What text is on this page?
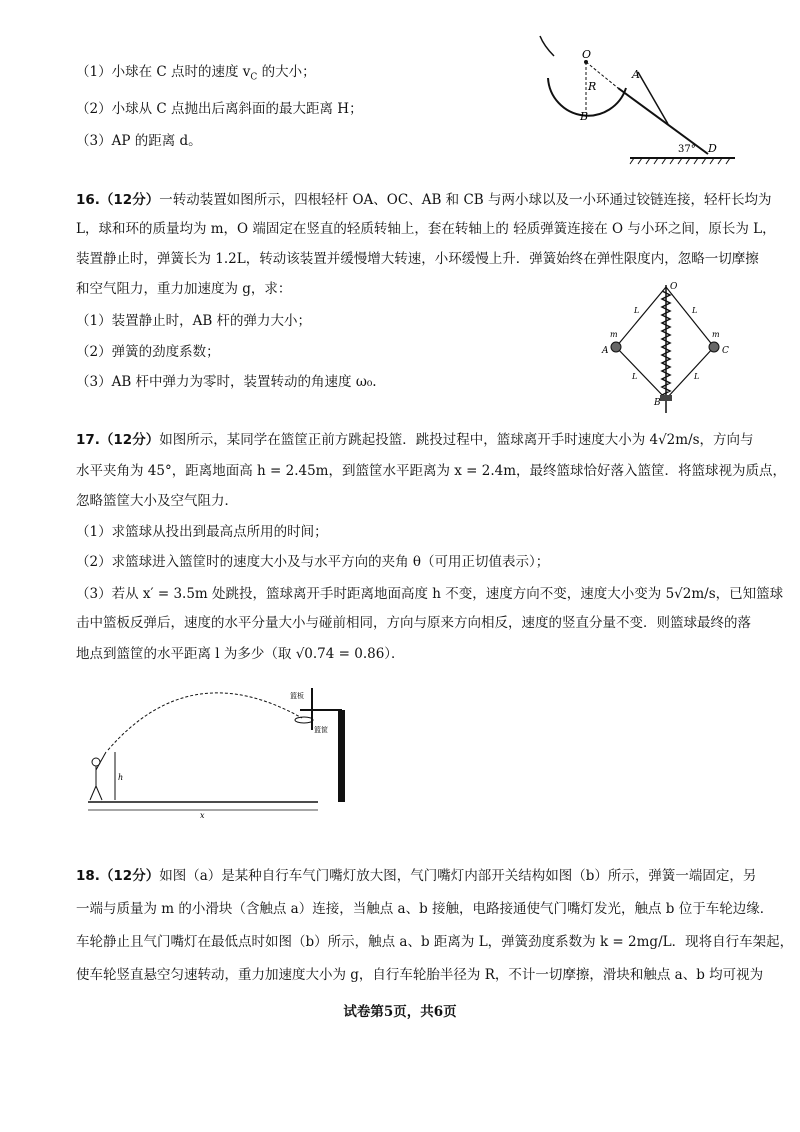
（1）小球在 C 点时的速度 $v_C$ 的大小；
（2）小球从 C 点抛出后离斜面的最大距离 H；
（3）AP 的距离 d。
O
A
B
R
D
37°
16.（12分）一转动装置如图所示，四根轻杆 OA、OC、AB 和 CB 与两小球以及一小环通过铰链连接，轻杆长均为
L，球和环的质量均为 m，O 端固定在竖直的轻质转轴上，套在转轴上的 轻质弹簧连接在 O 与小环之间，原长为 L，
装置静止时，弹簧长为 1.2L，转动该装置并缓慢增大转速，小环缓慢上升．弹簧始终在弹性限度内，忽略一切摩擦
和空气阻力，重力加速度为 g，求：
（1）装置静止时，AB 杆的弹力大小；
（2）弹簧的劲度系数；
（3）AB 杆中弹力为零时，装置转动的角速度 ω₀.
O
A	C
B
m	m
L	L
L	L
17.（12分）如图所示，某同学在篮筐正前方跳起投篮．跳投过程中，篮球离开手时速度大小为 4√2m/s，方向与
水平夹角为 45°，距离地面高 h = 2.45m，到篮筐水平距离为 x = 2.4m，最终篮球恰好落入篮筐．将篮球视为质点，
忽略篮筐大小及空气阻力．
（1）求篮球从投出到最高点所用的时间；
（2）求篮球进入篮筐时的速度大小及与水平方向的夹角 θ（可用正切值表示）；
（3）若从 x′ = 3.5m 处跳投，篮球离开手时距离地面高度 h 不变，速度方向不变，速度大小变为 5√2m/s，已知篮球
击中篮板反弹后，速度的水平分量大小与碰前相同，方向与原来方向相反，速度的竖直分量不变．则篮球最终的落
地点到篮筐的水平距离 l 为多少（取 √0.74 = 0.86）．
h
x
篮板
篮筐
18.（12分）如图（a）是某种自行车气门嘴灯放大图，气门嘴灯内部开关结构如图（b）所示，弹簧一端固定，另
一端与质量为 m 的小滑块（含触点 a）连接，当触点 a、b 接触，电路接通使气门嘴灯发光，触点 b 位于车轮边缘．
车轮静止且气门嘴灯在最低点时如图（b）所示，触点 a、b 距离为 L，弹簧劲度系数为 k = 2mg/L．现将自行车架起，
使车轮竖直悬空匀速转动，重力加速度大小为 g，自行车轮胎半径为 R，不计一切摩擦，滑块和触点 a、b 均可视为
试卷第5页，共6页
